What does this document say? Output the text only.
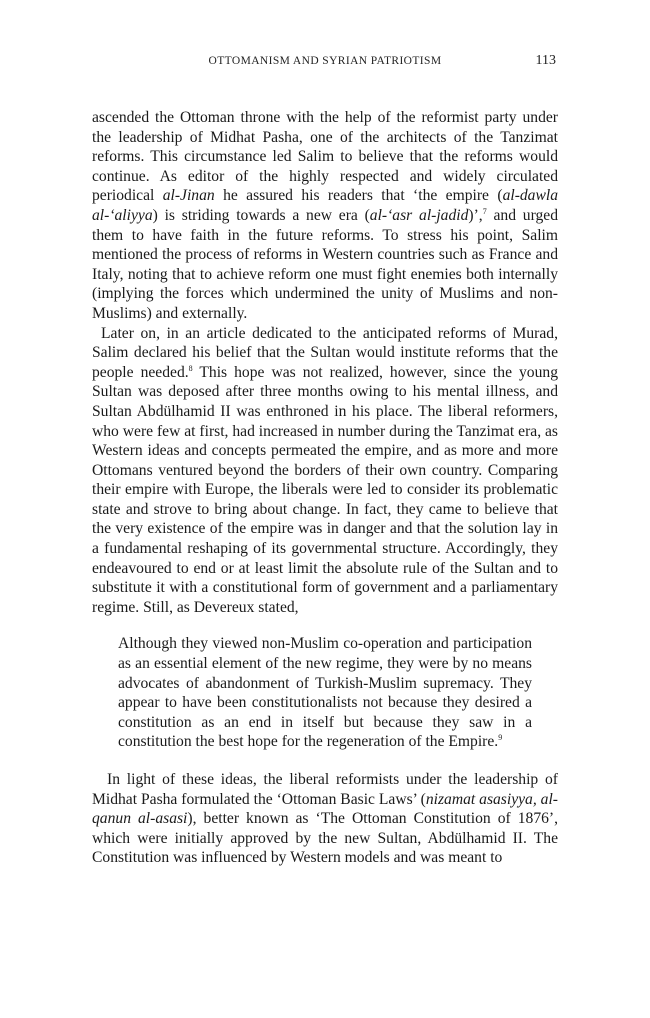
OTTOMANISM AND SYRIAN PATRIOTISM	113

ascended the Ottoman throne with the help of the reformist party under the leadership of Midhat Pasha, one of the architects of the Tanzimat reforms. This circumstance led Salim to believe that the reforms would continue. As editor of the highly respected and widely circulated periodical al-Jinan he assured his readers that ‘the empire (al-dawla al-‘aliyya) is striding towards a new era (al-‘asr al-jadid)’,$^7$ and urged them to have faith in the future reforms. To stress his point, Salim mentioned the process of reforms in Western countries such as France and Italy, noting that to achieve reform one must fight enemies both internally (implying the forces which undermined the unity of Muslims and non-Muslims) and externally.

Later on, in an article dedicated to the anticipated reforms of Murad, Salim declared his belief that the Sultan would institute reforms that the people needed.$^8$ This hope was not realized, however, since the young Sultan was deposed after three months owing to his mental illness, and Sultan Abdülhamid II was enthroned in his place. The liberal reformers, who were few at first, had increased in number during the Tanzimat era, as Western ideas and concepts permeated the empire, and as more and more Ottomans ventured beyond the borders of their own country. Comparing their empire with Europe, the liberals were led to consider its problematic state and strove to bring about change. In fact, they came to believe that the very existence of the empire was in danger and that the solution lay in a fundamental reshaping of its governmental structure. Accordingly, they endeavoured to end or at least limit the absolute rule of the Sultan and to substitute it with a constitutional form of government and a parliamentary regime. Still, as Devereux stated,

Although they viewed non-Muslim co-operation and participation as an essential element of the new regime, they were by no means advocates of abandonment of Turkish-Muslim supremacy. They appear to have been constitutionalists not because they desired a constitution as an end in itself but because they saw in a constitution the best hope for the regeneration of the Empire.$^9$

In light of these ideas, the liberal reformists under the leadership of Midhat Pasha formulated the ‘Ottoman Basic Laws’ (nizamat asasiyya, al-qanun al-asasi), better known as ‘The Ottoman Constitution of 1876’, which were initially approved by the new Sultan, Abdülhamid II. The Constitution was influenced by Western models and was meant to
